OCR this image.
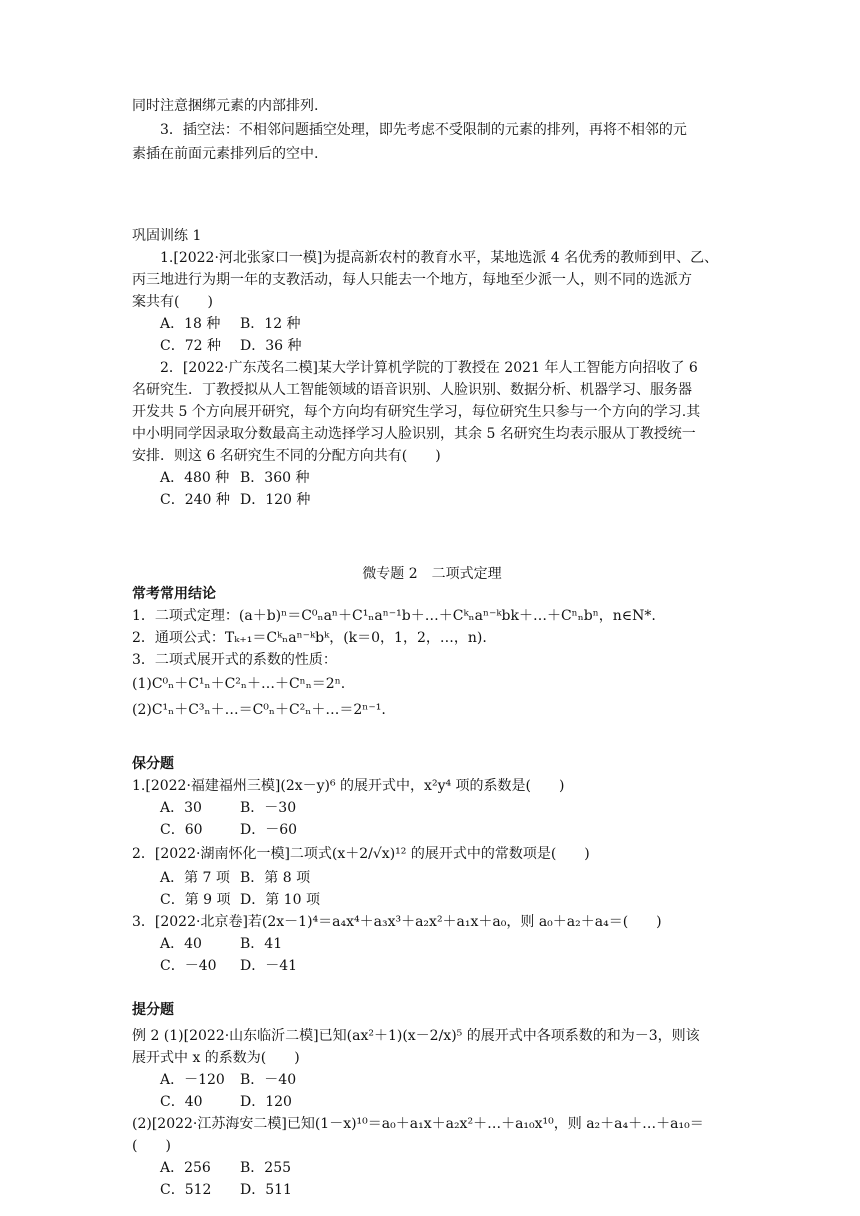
同时注意捆绑元素的内部排列.
3．插空法：不相邻问题插空处理，即先考虑不受限制的元素的排列，再将不相邻的元
素插在前面元素排列后的空中.
巩固训练 1
1.[2022·河北张家口一模]为提高新农村的教育水平，某地选派 4 名优秀的教师到甲、乙、
丙三地进行为期一年的支教活动，每人只能去一个地方，每地至少派一人，则不同的选派方
案共有(　　)
A．18 种	B．12 种
C．72 种	D．36 种
2．[2022·广东茂名二模]某大学计算机学院的丁教授在 2021 年人工智能方向招收了 6
名研究生．丁教授拟从人工智能领域的语音识别、人脸识别、数据分析、机器学习、服务器
开发共 5 个方向展开研究，每个方向均有研究生学习，每位研究生只参与一个方向的学习.其
中小明同学因录取分数最高主动选择学习人脸识别，其余 5 名研究生均表示服从丁教授统一
安排．则这 6 名研究生不同的分配方向共有(　　)
A．480 种 B．360 种
C．240 种 D．120 种
微专题 2　二项式定理
常考常用结论
1．二项式定理：(a＋b)ⁿ＝C⁰ₙaⁿ＋C¹ₙaⁿ⁻¹b＋…＋Cᵏₙaⁿ⁻ᵏbk＋…＋Cⁿₙbⁿ，n∈N*.
2．通项公式：Tₖ₊₁＝Cᵏₙaⁿ⁻ᵏbᵏ，(k＝0，1，2，…，n).
3．二项式展开式的系数的性质：
(1)C⁰ₙ＋C¹ₙ＋C²ₙ＋…＋Cⁿₙ＝2ⁿ.
(2)C¹ₙ＋C³ₙ＋…＝C⁰ₙ＋C²ₙ＋…＝2ⁿ⁻¹.
保分题
1.[2022·福建福州三模](2x－y)⁶ 的展开式中，x²y⁴ 项的系数是(　　)
A．30	B．－30
C．60	D．－60
2．[2022·湖南怀化一模]二项式(x＋2/√x)¹² 的展开式中的常数项是(　　)
A．第 7 项 B．第 8 项
C．第 9 项 D．第 10 项
3．[2022·北京卷]若(2x－1)⁴＝a₄x⁴＋a₃x³＋a₂x²＋a₁x＋a₀，则 a₀＋a₂＋a₄＝(　　)
A．40	B．41
C．－40	D．－41
提分题
例 2 (1)[2022·山东临沂二模]已知(ax²＋1)(x－2/x)⁵ 的展开式中各项系数的和为－3，则该
展开式中 x 的系数为(　　)
A．－120	B．－40
C．40	D．120
(2)[2022·江苏海安二模]已知(1－x)¹⁰＝a₀＋a₁x＋a₂x²＋…＋a₁₀x¹⁰，则 a₂＋a₄＋…＋a₁₀＝
(　　)
A．256	B．255
C．512	D．511
